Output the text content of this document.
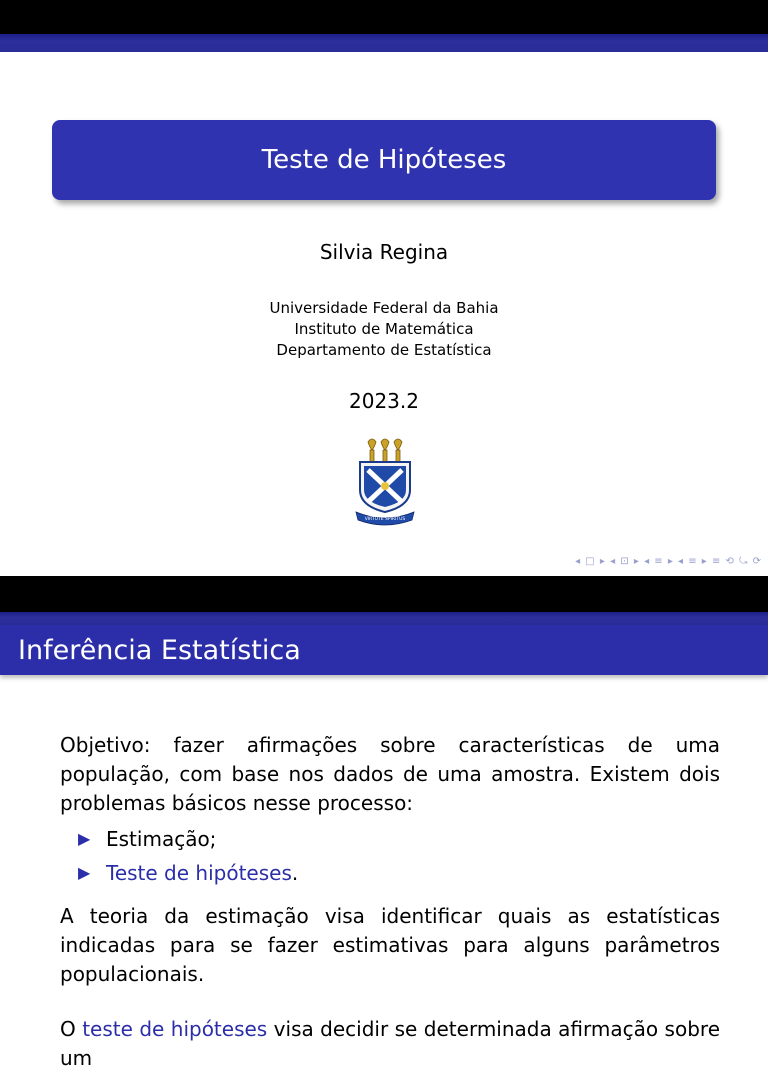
Teste de Hipóteses
Silvia Regina
Universidade Federal da Bahia
Instituto de Matemática
Departamento de Estatística
2023.2
VIRTUTE SPIRITUS
◂ □ ▸ ◂ ⊡ ▸ ◂ ≡ ▸ ◂ ≡ ▸ ≡ ⟲ ⤿ ⟳
Inferência Estatística

Objetivo: fazer afirmações sobre características de uma população, com base nos dados de uma amostra. Existem dois problemas básicos nesse processo:

▶ Estimação;
▶ Teste de hipóteses.

A teoria da estimação visa identificar quais as estatísticas indicadas para se fazer estimativas para alguns parâmetros populacionais.

O teste de hipóteses visa decidir se determinada afirmação sobre um
